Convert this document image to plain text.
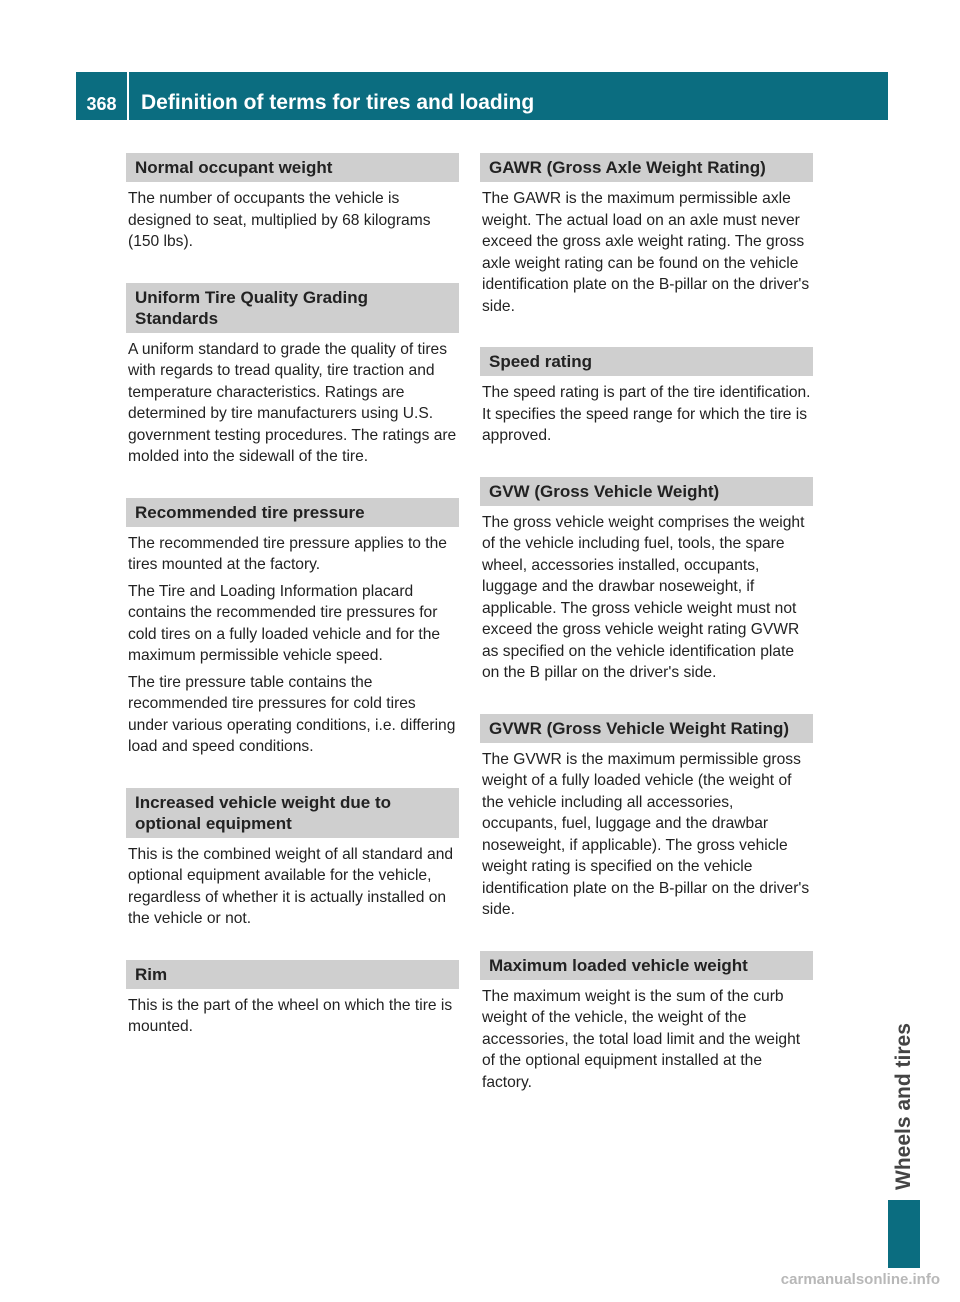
368	Definition of terms for tires and loading
Wheels and tires
Normal occupant weight

The number of occupants the vehicle is designed to seat, multiplied by 68 kilograms (150 lbs).

Uniform Tire Quality Grading Standards

A uniform standard to grade the quality of tires with regards to tread quality, tire traction and temperature characteristics. Ratings are determined by tire manufacturers using U.S. government testing procedures. The ratings are molded into the sidewall of the tire.

Recommended tire pressure

The recommended tire pressure applies to the tires mounted at the factory.

The Tire and Loading Information placard contains the recommended tire pressures for cold tires on a fully loaded vehicle and for the maximum permissible vehicle speed.

The tire pressure table contains the recommended tire pressures for cold tires under various operating conditions, i.e. differing load and speed conditions.

Increased vehicle weight due to optional equipment

This is the combined weight of all standard and optional equipment available for the vehicle, regardless of whether it is actually installed on the vehicle or not.

Rim

This is the part of the wheel on which the tire is mounted.

GAWR (Gross Axle Weight Rating)

The GAWR is the maximum permissible axle weight. The actual load on an axle must never exceed the gross axle weight rating. The gross axle weight rating can be found on the vehicle identification plate on the B-pillar on the driver's side.

Speed rating

The speed rating is part of the tire identification. It specifies the speed range for which the tire is approved.

GVW (Gross Vehicle Weight)

The gross vehicle weight comprises the weight of the vehicle including fuel, tools, the spare wheel, accessories installed, occupants, luggage and the drawbar noseweight, if applicable. The gross vehicle weight must not exceed the gross vehicle weight rating GVWR as specified on the vehicle identification plate on the B pillar on the driver's side.

GVWR (Gross Vehicle Weight Rating)

The GVWR is the maximum permissible gross weight of a fully loaded vehicle (the weight of the vehicle including all accessories, occupants, fuel, luggage and the drawbar noseweight, if applicable). The gross vehicle weight rating is specified on the vehicle identification plate on the B-pillar on the driver's side.

Maximum loaded vehicle weight

The maximum weight is the sum of the curb weight of the vehicle, the weight of the accessories, the total load limit and the weight of the optional equipment installed at the factory.

carmanualsonline.info
